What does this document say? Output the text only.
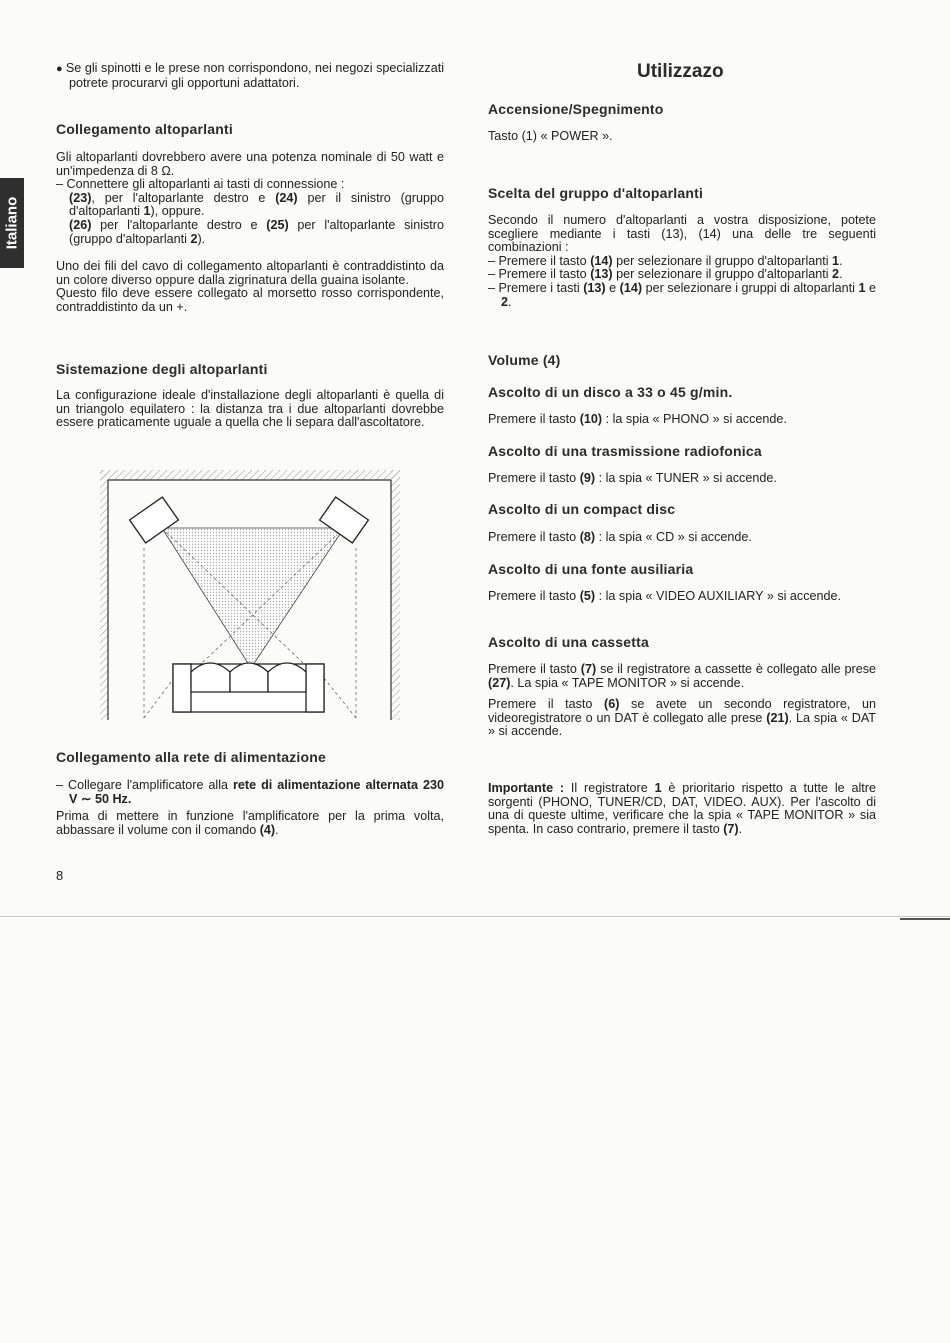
Italiano

● Se gli spinotti e le prese non corrispondono, nei negozi specializzati potrete procurarvi gli opportuni adattatori.

Collegamento altoparlanti

Gli altoparlanti dovrebbero avere una potenza nominale di 50 watt e un'impedenza di 8 Ω.

– Connettere gli altoparlanti ai tasti di connessione :

(23), per l'altoparlante destro e (24) per il sinistro (gruppo d'altoparlanti 1), oppure.

(26) per l'altoparlante destro e (25) per l'altoparlante sinistro (gruppo d'altoparlanti 2).

Uno dei fili del cavo di collegamento altoparlanti è contraddistinto da un colore diverso oppure dalla zigrinatura della guaina isolante.

Questo filo deve essere collegato al morsetto rosso corrispondente, contraddistinto da un +.

Sistemazione degli altoparlanti

La configurazione ideale d'installazione degli altoparlanti è quella di un triangolo equilatero : la distanza tra i due altoparlanti dovrebbe essere praticamente uguale a quella che li separa dall'ascoltatore.

Collegamento alla rete di alimentazione

– Collegare l'amplificatore alla rete di alimentazione alternata 230 V ∼ 50 Hz.

Prima di mettere in funzione l'amplificatore per la prima volta, abbassare il volume con il comando (4).

8
Utilizzazo
Accensione/Spegnimento

Tasto (1) « POWER ».

Scelta del gruppo d'altoparlanti

Secondo il numero d'altoparlanti a vostra disposizione, potete scegliere mediante i tasti (13), (14) una delle tre seguenti combinazioni :

– Premere il tasto (14) per selezionare il gruppo d'altoparlanti 1.

– Premere il tasto (13) per selezionare il gruppo d'altoparlanti 2.

– Premere i tasti (13) e (14) per selezionare i gruppi di altoparlanti 1 e 2.

Volume (4)
Ascolto di un disco a 33 o 45 g/min.

Premere il tasto (10) : la spia « PHONO » si accende.

Ascolto di una trasmissione radiofonica

Premere il tasto (9) : la spia « TUNER » si accende.

Ascolto di un compact disc

Premere il tasto (8) : la spia « CD » si accende.

Ascolto di una fonte ausiliaria

Premere il tasto (5) : la spia « VIDEO AUXILIARY » si accende.

Ascolto di una cassetta

Premere il tasto (7) se il registratore a cassette è collegato alle prese (27). La spia « TAPE MONITOR » si accende.

Premere il tasto (6) se avete un secondo registratore, un videoregistratore o un DAT è collegato alle prese (21). La spia « DAT » si accende.

Importante : Il registratore 1 è prioritario rispetto a tutte le altre sorgenti (PHONO, TUNER/CD, DAT, VIDEO. AUX). Per l'ascolto di una di queste ultime, verificare che la spia « TAPE MONITOR » sia spenta. In caso contrario, premere il tasto (7).
